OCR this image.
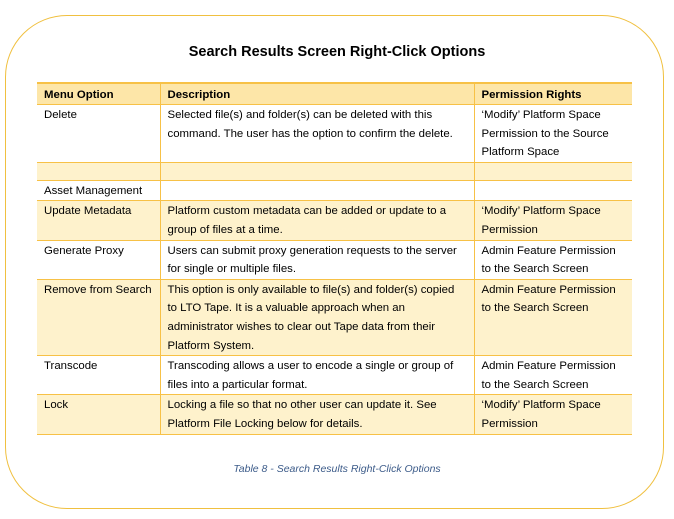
Search Results Screen Right-Click Options
Menu Option	Description	Permission Rights
Delete	Selected file(s) and folder(s) can be deleted with this command. The user has the option to confirm the delete.	‘Modify’ Platform Space Permission to the Source Platform Space

Asset Management		
Update Metadata	Platform custom metadata can be added or update to a group of files at a time.	‘Modify’ Platform Space Permission
Generate Proxy	Users can submit proxy generation requests to the server for single or multiple files.	Admin Feature Permission to the Search Screen
Remove from Search	This option is only available to file(s) and folder(s) copied to LTO Tape. It is a valuable approach when an administrator wishes to clear out Tape data from their Platform System.	Admin Feature Permission to the Search Screen
Transcode	Transcoding allows a user to encode a single or group of files into a particular format.	Admin Feature Permission to the Search Screen
Lock	Locking a file so that no other user can update it. See Platform File Locking below for details.	‘Modify’ Platform Space Permission
Table 8 - Search Results Right-Click Options
